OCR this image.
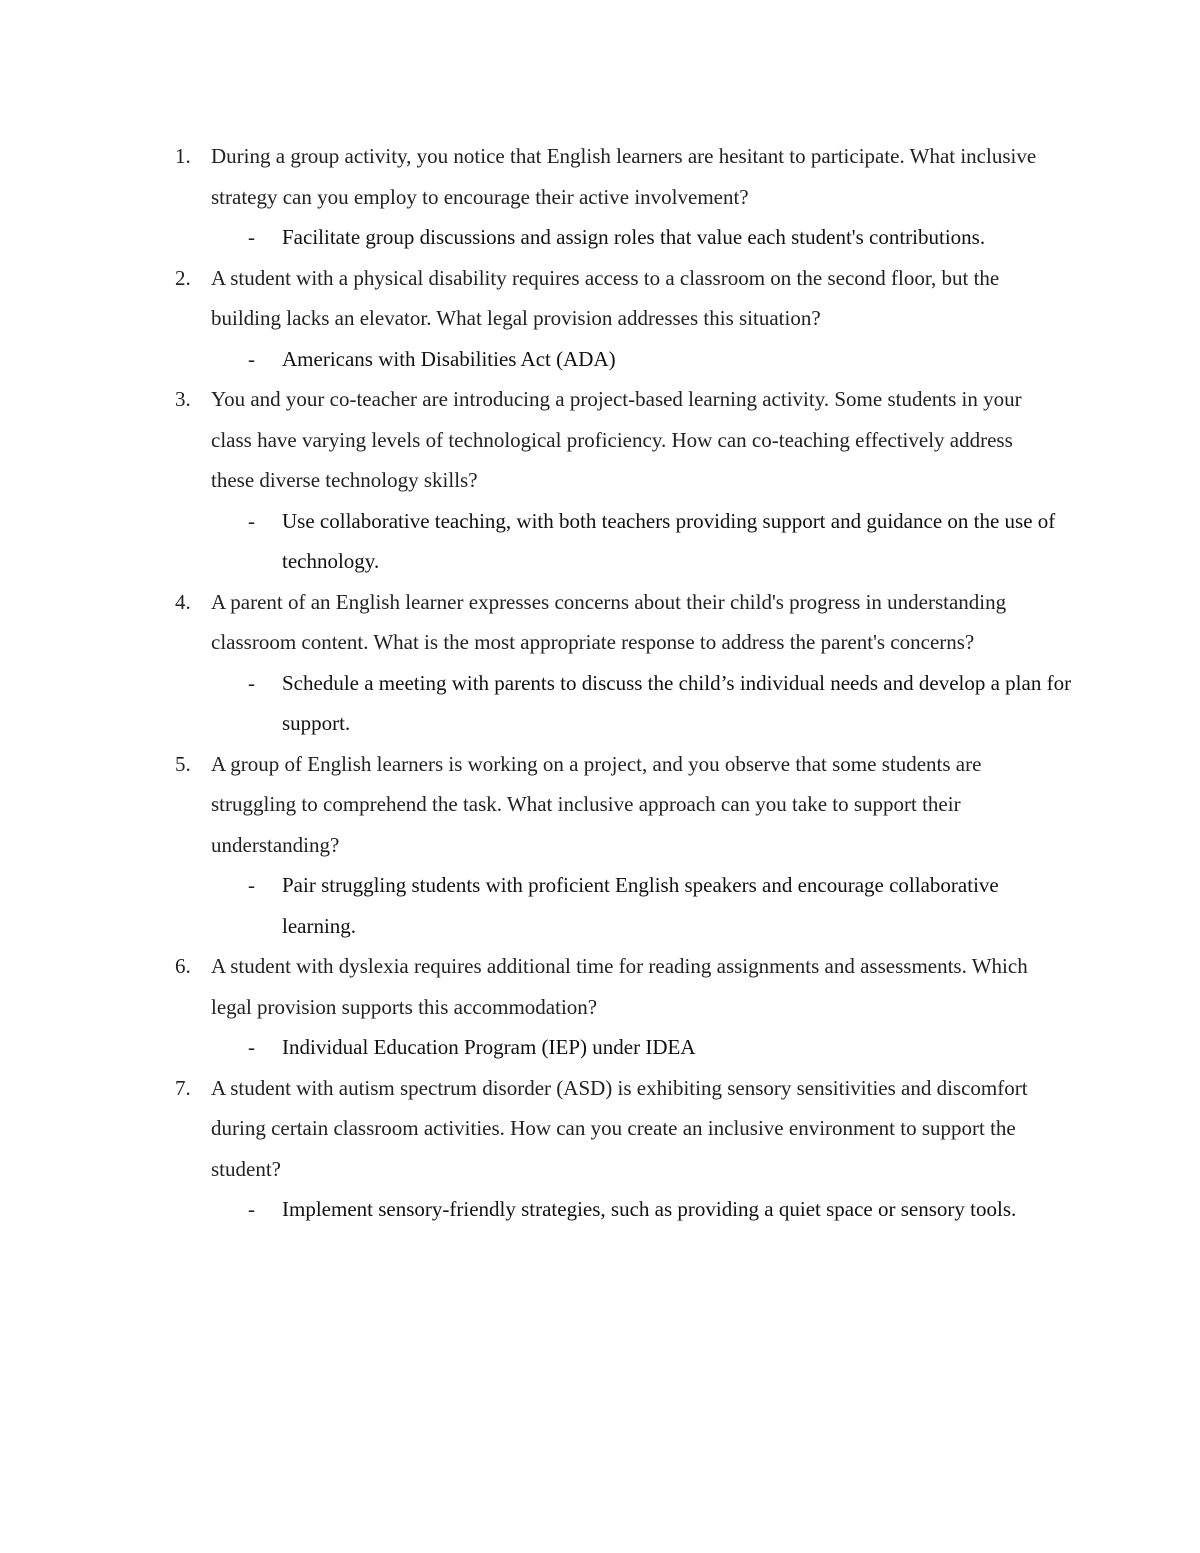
1. During a group activity, you notice that English learners are hesitant to participate. What inclusive strategy can you employ to encourage their active involvement?
- Facilitate group discussions and assign roles that value each student's contributions.
2. A student with a physical disability requires access to a classroom on the second floor, but the building lacks an elevator. What legal provision addresses this situation?
- Americans with Disabilities Act (ADA)
3. You and your co-teacher are introducing a project-based learning activity. Some students in your class have varying levels of technological proficiency. How can co-teaching effectively address these diverse technology skills?
- Use collaborative teaching, with both teachers providing support and guidance on the use of technology.
4. A parent of an English learner expresses concerns about their child's progress in understanding classroom content. What is the most appropriate response to address the parent's concerns?
- Schedule a meeting with parents to discuss the child’s individual needs and develop a plan for support.
5. A group of English learners is working on a project, and you observe that some students are struggling to comprehend the task. What inclusive approach can you take to support their understanding?
- Pair struggling students with proficient English speakers and encourage collaborative learning.
6. A student with dyslexia requires additional time for reading assignments and assessments. Which legal provision supports this accommodation?
- Individual Education Program (IEP) under IDEA
7. A student with autism spectrum disorder (ASD) is exhibiting sensory sensitivities and discomfort during certain classroom activities. How can you create an inclusive environment to support the student?
- Implement sensory-friendly strategies, such as providing a quiet space or sensory tools.
